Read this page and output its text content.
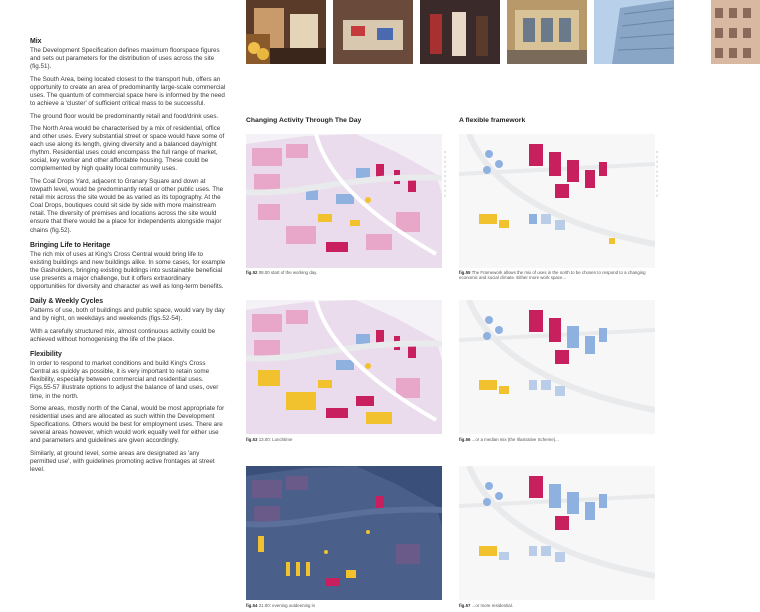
Mix

The Development Specification defines maximum floorspace figures and sets out parameters for the distribution of uses across the site (fig.51).

The South Area, being located closest to the transport hub, offers an opportunity to create an area of predominantly large-scale commercial uses. The quantum of commercial space here is informed by the need to achieve a 'cluster' of sufficient critical mass to be successful.

The ground floor would be predominantly retail and food/drink uses.

The North Area would be characterised by a mix of residential, office and other uses. Every substantial street or space would have some of each use along its length, giving diversity and a balanced day/night rhythm. Residential uses could encompass the full range of market, social, key worker and other affordable housing. These could be complemented by high quality local community uses.

The Coal Drops Yard, adjacent to Granary Square and down at towpath level, would be predominantly retail or other public uses. The retail mix across the site would be as varied as its topography. At the Coal Drops, boutiques could sit side by side with more mainstream retail. The diversity of premises and locations across the site would ensure that there would be a place for independents alongside major chains (fig.52).

Bringing Life to Heritage

The rich mix of uses at King's Cross Central would bring life to existing buildings and new buildings alike. In some cases, for example the Gasholders, bringing existing buildings into sustainable beneficial use presents a major challenge, but it offers extraordinary opportunities for diversity and character as well as long-term benefits.

Daily & Weekly Cycles

Patterns of use, both of buildings and public space, would vary by day and by night, on weekdays and weekends (figs.52-54).

With a carefully structured mix, almost continuous activity could be achieved without homogenising the life of the place.

Flexibility

In order to respond to market conditions and build King's Cross Central as quickly as possible, it is very important to retain some flexibility, especially between commercial and residential uses. Figs.55-57 illustrate options to adjust the balance of land uses, over time, in the north.

Some areas, mostly north of the Canal, would be most appropriate for residential uses and are allocated as such within the Development Specifications. Others would be best for employment uses. There are several areas however, which would work equally well for either use and parameters and guidelines are given accordingly.

Similarly, at ground level, some areas are designated as 'any permitted use', with guidelines promoting active frontages at street level.

Changing Activity Through The Day	A flexible framework
© © © © © © © © © ©
fig.52 08.00 start of the working day.
fig.53 13.00: Lunchtime
fig.54 21.00: evening outdeening in
© © © © © © © © © ©
fig.55 The Framework allows the mix of uses in the north to be chosen to respond to a changing economic and social climate. Either more work space...
fig.56 ...or a median mix (the Illustrative Scheme)...
fig.57 ...or more residential.
